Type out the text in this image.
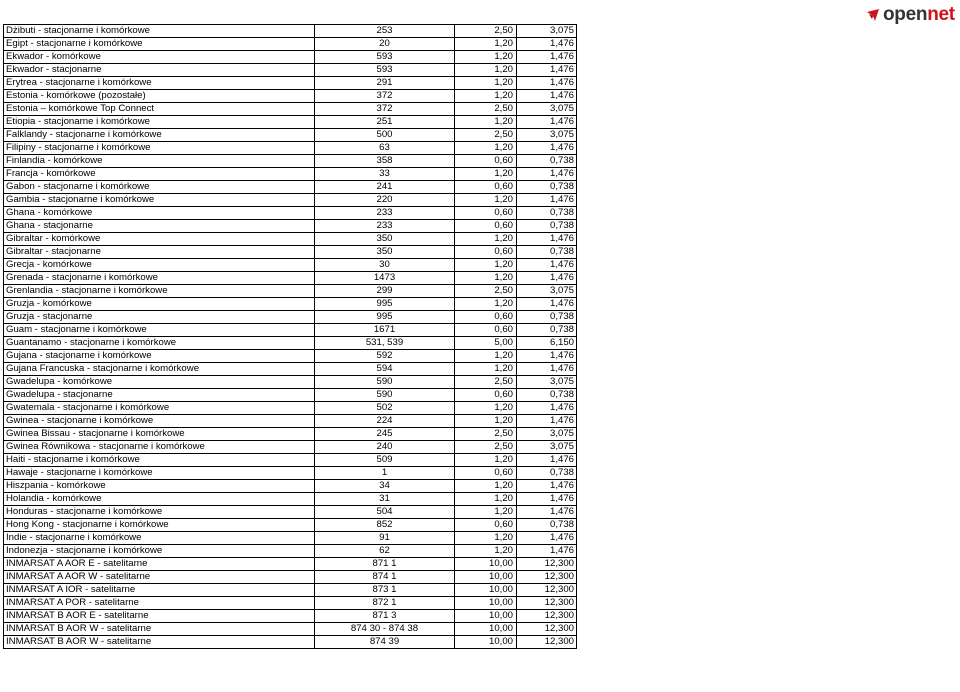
opennet
Dżibuti - stacjonarne i komórkowe	253	2,50	3,075
Egipt - stacjonarne i komórkowe	20	1,20	1,476
Ekwador - komórkowe	593	1,20	1,476
Ekwador - stacjonarne	593	1,20	1,476
Erytrea - stacjonarne i komórkowe	291	1,20	1,476
Estonia - komórkowe (pozostałe)	372	1,20	1,476
Estonia – komórkowe Top Connect	372	2,50	3,075
Etiopia - stacjonarne i komórkowe	251	1,20	1,476
Falklandy - stacjonarne i komórkowe	500	2,50	3,075
Filipiny - stacjonarne i komórkowe	63	1,20	1,476
Finlandia - komórkowe	358	0,60	0,738
Francja - komórkowe	33	1,20	1,476
Gabon - stacjonarne i komórkowe	241	0,60	0,738
Gambia - stacjonarne i komórkowe	220	1,20	1,476
Ghana - komórkowe	233	0,60	0,738
Ghana - stacjonarne	233	0,60	0,738
Gibraltar - komórkowe	350	1,20	1,476
Gibraltar - stacjonarne	350	0,60	0,738
Grecja - komórkowe	30	1,20	1,476
Grenada - stacjonarne i komórkowe	1473	1,20	1,476
Grenlandia - stacjonarne i komórkowe	299	2,50	3,075
Gruzja - komórkowe	995	1,20	1,476
Gruzja - stacjonarne	995	0,60	0,738
Guam - stacjonarne i komórkowe	1671	0,60	0,738
Guantanamo - stacjonarne i komórkowe	531, 539	5,00	6,150
Gujana - stacjonarne i komórkowe	592	1,20	1,476
Gujana Francuska - stacjonarne i komórkowe	594	1,20	1,476
Gwadelupa - komórkowe	590	2,50	3,075
Gwadelupa - stacjonarne	590	0,60	0,738
Gwatemala - stacjonarne i komórkowe	502	1,20	1,476
Gwinea - stacjonarne i komórkowe	224	1,20	1,476
Gwinea Bissau - stacjonarne i komórkowe	245	2,50	3,075
Gwinea Równikowa - stacjonarne i komórkowe	240	2,50	3,075
Haiti - stacjonarne i komórkowe	509	1,20	1,476
Hawaje - stacjonarne i komórkowe	1	0,60	0,738
Hiszpania - komórkowe	34	1,20	1,476
Holandia - komórkowe	31	1,20	1,476
Honduras - stacjonarne i komórkowe	504	1,20	1,476
Hong Kong - stacjonarne i komórkowe	852	0,60	0,738
Indie - stacjonarne i komórkowe	91	1,20	1,476
Indonezja - stacjonarne i komórkowe	62	1,20	1,476
INMARSAT A AOR E - satelitarne	871 1	10,00	12,300
INMARSAT A AOR W - satelitarne	874 1	10,00	12,300
INMARSAT A IOR - satelitarne	873 1	10,00	12,300
INMARSAT A POR - satelitarne	872 1	10,00	12,300
INMARSAT B AOR E - satelitarne	871 3	10,00	12,300
INMARSAT B AOR W - satelitarne	874 30 - 874 38	10,00	12,300
INMARSAT B AOR W - satelitarne	874 39	10,00	12,300
